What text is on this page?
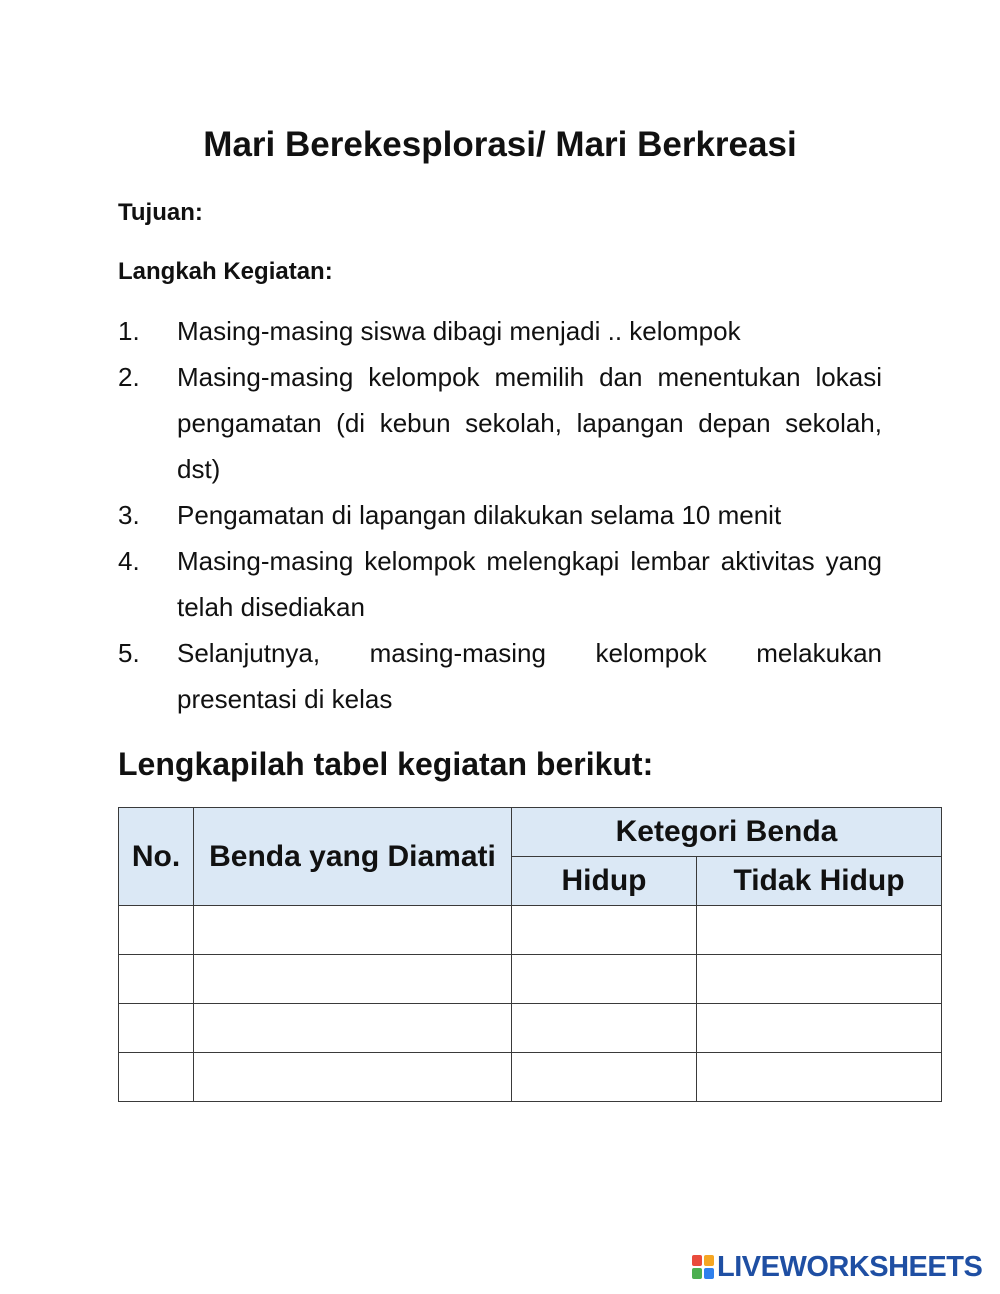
Mari Berekesplorasi/ Mari Berkreasi
Tujuan:
Langkah Kegiatan:
1. Masing-masing siswa dibagi menjadi .. kelompok
2. Masing-masing kelompok memilih dan menentukan lokasi pengamatan (di kebun sekolah, lapangan depan sekolah, dst)
3. Pengamatan di lapangan dilakukan selama 10 menit
4. Masing-masing kelompok melengkapi lembar aktivitas yang telah disediakan
5. Selanjutnya, masing-masing kelompok melakukan presentasi di kelas
Lengkapilah tabel kegiatan berikut:
No.	Benda yang Diamati	Ketegori Benda	
		Hidup	Tidak Hidup

LIVEWORKSHEETS
